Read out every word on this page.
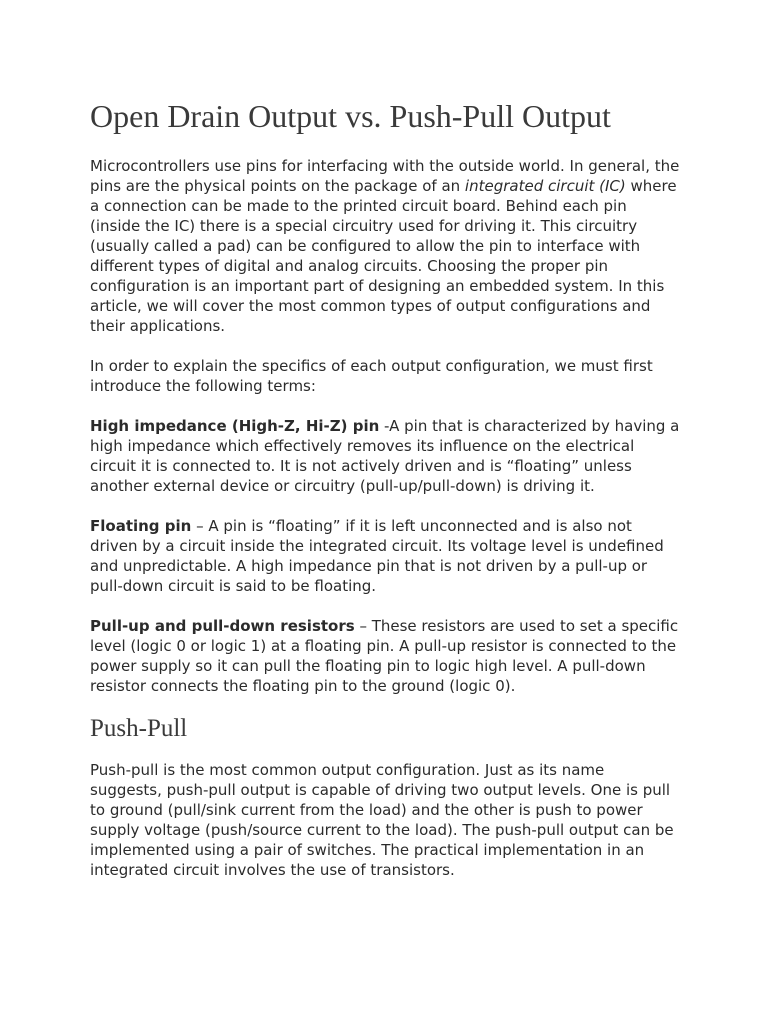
Open Drain Output vs. Push-Pull Output

Microcontrollers use pins for interfacing with the outside world. In general, the pins are the physical points on the package of an integrated circuit (IC) where a connection can be made to the printed circuit board. Behind each pin (inside the IC) there is a special circuitry used for driving it. This circuitry (usually called a pad) can be configured to allow the pin to interface with different types of digital and analog circuits. Choosing the proper pin configuration is an important part of designing an embedded system. In this article, we will cover the most common types of output configurations and their applications.

In order to explain the specifics of each output configuration, we must first introduce the following terms:

High impedance (High-Z, Hi-Z) pin -A pin that is characterized by having a high impedance which effectively removes its influence on the electrical circuit it is connected to. It is not actively driven and is “floating” unless another external device or circuitry (pull-up/pull-down) is driving it.

Floating pin – A pin is “floating” if it is left unconnected and is also not driven by a circuit inside the integrated circuit. Its voltage level is undefined and unpredictable. A high impedance pin that is not driven by a pull-up or pull-down circuit is said to be floating.

Pull-up and pull-down resistors – These resistors are used to set a specific level (logic 0 or logic 1) at a floating pin. A pull-up resistor is connected to the power supply so it can pull the floating pin to logic high level. A pull-down resistor connects the floating pin to the ground (logic 0).

Push-Pull

Push-pull is the most common output configuration. Just as its name suggests, push-pull output is capable of driving two output levels. One is pull to ground (pull/sink current from the load) and the other is push to power supply voltage (push/source current to the load). The push-pull output can be implemented using a pair of switches. The practical implementation in an integrated circuit involves the use of transistors.
